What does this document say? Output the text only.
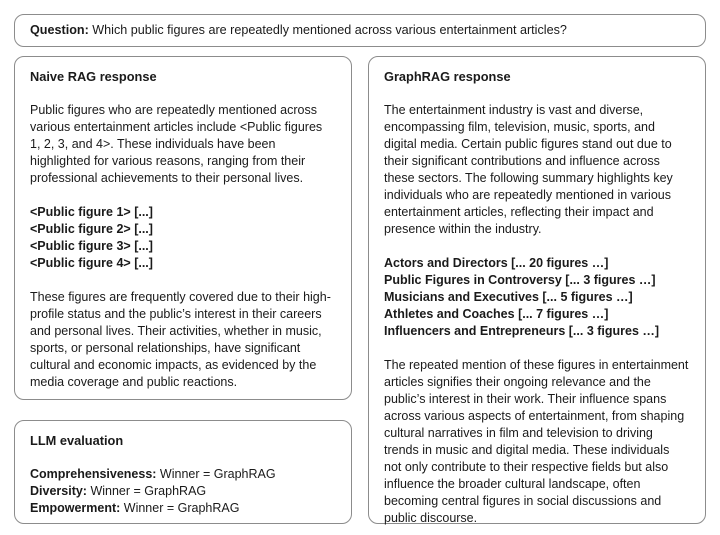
Question: Which public figures are repeatedly mentioned across various entertainment articles?
Naive RAG response

Public figures who are repeatedly mentioned across various entertainment articles include <Public figures 1, 2, 3, and 4>. These individuals have been highlighted for various reasons, ranging from their professional achievements to their personal lives.

<Public figure 1> [...]
<Public figure 2> [...]
<Public figure 3> [...]
<Public figure 4> [...]

These figures are frequently covered due to their high-profile status and the public’s interest in their careers and personal lives. Their activities, whether in music, sports, or personal relationships, have significant cultural and economic impacts, as evidenced by the media coverage and public reactions.

LLM evaluation
Comprehensiveness: Winner = GraphRAG
Diversity: Winner = GraphRAG
Empowerment: Winner = GraphRAG
GraphRAG response

The entertainment industry is vast and diverse, encompassing film, television, music, sports, and digital media. Certain public figures stand out due to their significant contributions and influence across these sectors. The following summary highlights key individuals who are repeatedly mentioned in various entertainment articles, reflecting their impact and presence within the industry.

Actors and Directors [... 20 figures …]
Public Figures in Controversy [... 3 figures …]
Musicians and Executives [... 5 figures …]
Athletes and Coaches [... 7 figures …]
Influencers and Entrepreneurs [... 3 figures …]

The repeated mention of these figures in entertainment articles signifies their ongoing relevance and the public’s interest in their work. Their influence spans across various aspects of entertainment, from shaping cultural narratives in film and television to driving trends in music and digital media. These individuals not only contribute to their respective fields but also influence the broader cultural landscape, often becoming central figures in social discussions and public discourse.
